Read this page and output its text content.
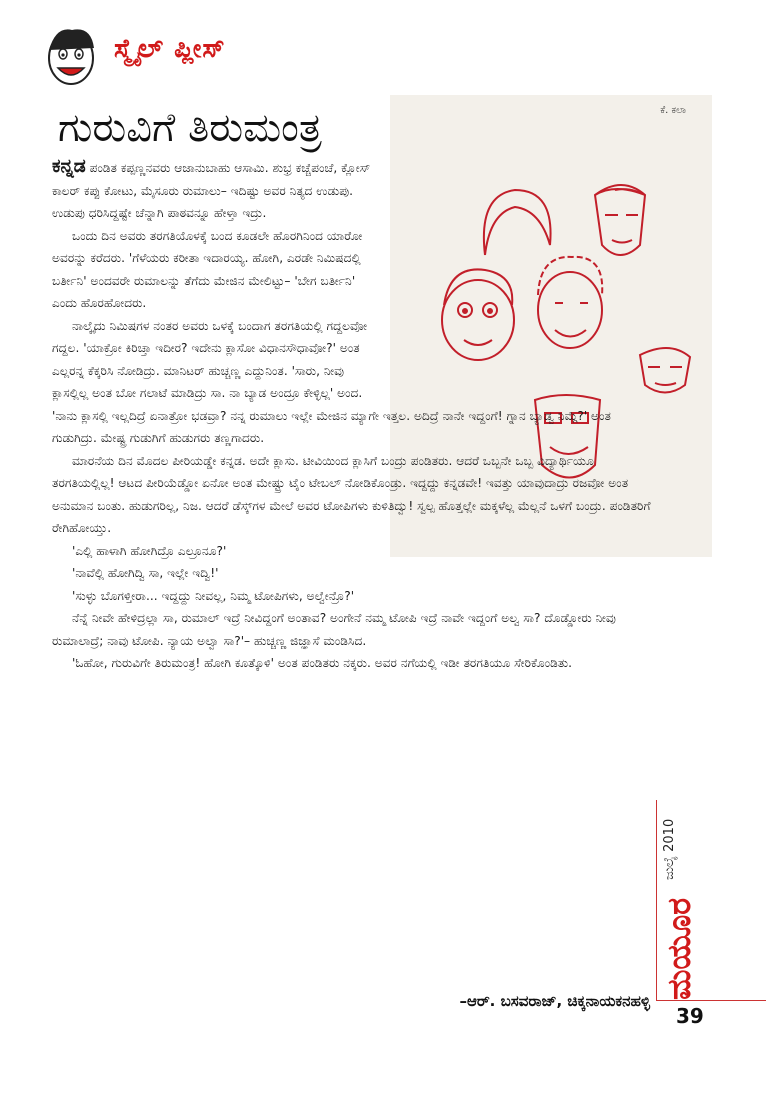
ಸ್ಮೈಲ್ ಪ್ಲೀಸ್
ಗುರುವಿಗೆ ತಿರುಮಂತ್ರ	ಕೆ. ಕಲಾ

ಕನ್ನಡ ಪಂಡಿತ ಕಪ್ಪಣ್ಣನವರು ಆಜಾನುಬಾಹು ಆಸಾಮಿ. ಶುಭ್ರ ಕಚ್ಚೆಪಂಚೆ, ಕ್ಲೋಸ್ ಕಾಲರ್ ಕಪ್ಪು ಕೋಟು, ಮೈಸೂರು ರುಮಾಲು– ಇದಿಷ್ಟು ಅವರ ನಿತ್ಯದ ಉಡುಪು. ಉಡುಪು ಧರಿಸಿದ್ದಷ್ಟೇ ಚೆನ್ನಾಗಿ ಪಾಠವನ್ನೂ ಹೇಳ್ತಾ ಇದ್ರು.

ಒಂದು ದಿನ ಅವರು ತರಗತಿಯೊಳಕ್ಕೆ ಬಂದ ಕೂಡಲೇ ಹೊರಗಿನಿಂದ ಯಾರೋ ಅವರನ್ನು ಕರೆದರು. 'ಗೆಳೆಯರು ಕರೀತಾ ಇದಾರಯ್ಯ. ಹೋಗಿ, ಎರಡೇ ನಿಮಿಷದಲ್ಲಿ ಬರ್ತೀನಿ' ಅಂದವರೇ ರುಮಾಲನ್ನು ತೆಗೆದು ಮೇಜಿನ ಮೇಲಿಟ್ಟು– 'ಬೇಗ ಬರ್ತೀನಿ' ಎಂದು ಹೊರಹೋದರು.

ನಾಲ್ಕೈದು ನಿಮಿಷಗಳ ನಂತರ ಅವರು ಒಳಕ್ಕೆ ಬಂದಾಗ ತರಗತಿಯಲ್ಲಿ ಗದ್ದಲವೋ ಗದ್ದಲ. 'ಯಾಕ್ರೋ ಕಿರಿಚ್ತಾ ಇದೀರ? ಇದೇನು ಕ್ಲಾಸೋ ವಿಧಾನಸೌಧಾವೋ?' ಅಂತ ಎಲ್ಲರನ್ನ ಕೆಕ್ಕರಿಸಿ ನೋಡಿದ್ರು. ಮಾನಿಟರ್ ಹುಚ್ಚಣ್ಣ ಎದ್ದುನಿಂತ. 'ಸಾರು, ನೀವು ಕ್ಲಾಸಲ್ಲಿಲ್ಲ ಅಂತ ಬೋ ಗಲಾಟೆ ಮಾಡಿದ್ರು ಸಾ. ನಾ ಬ್ಯಾಡ ಅಂದ್ರೂ ಕೇಳ್ಳಿಲ್ಲ' ಅಂದ.

'ನಾನು ಕ್ಲಾಸಲ್ಲಿ ಇಲ್ಲದಿದ್ರೆ ಏನಾತ್ರೋ ಭಡವ್ರಾ? ನನ್ನ ರುಮಾಲು ಇಲ್ಲೇ ಮೇಜಿನ ಮ್ಯಾಗೇ ಇತ್ತಲ. ಅದಿದ್ರೆ ನಾನೇ ಇದ್ದಂಗೆ! ಗ್ನಾನ ಬ್ಯಾಡ್ವ ನಿಮ್ಗೆ?' ಅಂತ ಗುಡುಗಿದ್ರು. ಮೇಷ್ಟ್ರ ಗುಡುಗಿಗೆ ಹುಡುಗರು ತಣ್ಣಗಾದರು.

ಮಾರನೆಯ ದಿನ ಮೊದಲ ಪೀರಿಯಡ್ಡೇ ಕನ್ನಡ. ಅದೇ ಕ್ಲಾಸು. ಟೀವಿಯಿಂದ ಕ್ಲಾಸಿಗೆ ಬಂದ್ರು ಪಂಡಿತರು. ಆದರೆ ಒಬ್ಬನೇ ಒಬ್ಬ ವಿದ್ಯಾರ್ಥಿಯೂ ತರಗತಿಯಲ್ಲಿಲ್ಲ! ಆಟದ ಪೀರಿಯೆಡ್ಡೋ ಏನೋ ಅಂತ ಮೇಷ್ಟ್ರು ಟೈಂ ಟೇಬಲ್ ನೋಡಿಕೊಂಡ್ರು. ಇದ್ದದ್ದು ಕನ್ನಡವೇ! ಇವತ್ತು ಯಾವುದಾದ್ರು ರಜವೋ ಅಂತ ಅನುಮಾನ ಬಂತು. ಹುಡುಗರಿಲ್ಲ, ನಿಜ. ಆದರೆ ಡೆಸ್ಕ್‌ಗಳ ಮೇಲೆ ಅವರ ಟೋಪಿಗಳು ಕುಳಿತಿದ್ವು! ಸ್ವಲ್ಪ ಹೊತ್ತಲ್ಲೇ ಮಕ್ಕಳೆಲ್ಲ ಮೆಲ್ಲನೆ ಒಳಗೆ ಬಂದ್ರು. ಪಂಡಿತರಿಗೆ ರೇಗಿಹೋಯ್ತು.

'ಎಲ್ಲಿ ಹಾಳಾಗಿ ಹೋಗಿದ್ರೊ ಎಲ್ರೂನೂ?'

'ನಾವೆಲ್ಲಿ ಹೋಗಿದ್ವಿ ಸಾ, ಇಲ್ಲೇ ಇದ್ವಿ!'

'ಸುಳ್ಳು ಬೊಗಳ್ತೀರಾ... ಇದ್ದದ್ದು ನೀವಲ್ಲ, ನಿಮ್ಮ ಟೋಪಿಗಳು, ಅಲ್ವೇನ್ರೊ?'

ನೆನ್ನೆ ನೀವೇ ಹೇಳಿದ್ರಲ್ಲಾ ಸಾ, ರುಮಾಲ್ ಇದ್ರೆ ನೀವಿದ್ದಂಗೆ ಅಂತಾವ? ಅಂಗೇನೆ ನಮ್ಮ ಟೋಪಿ ಇದ್ರೆ ನಾವೇ ಇದ್ದಂಗೆ ಅಲ್ವ ಸಾ? ದೊಡ್ಡೋರು ನೀವು ರುಮಾಲಾದ್ರೆ; ನಾವು ಟೋಪಿ. ನ್ಯಾಯ ಅಲ್ವಾ ಸಾ?'– ಹುಚ್ಚಣ್ಣ ಜಿಜ್ಞಾಸೆ ಮಂಡಿಸಿದ.

'ಓಹೋ, ಗುರುವಿಗೇ ತಿರುಮಂತ್ರ! ಹೋಗಿ ಕೂತ್ಕೊಳಿ' ಅಂತ ಪಂಡಿತರು ನಕ್ಕರು. ಅವರ ನಗೆಯಲ್ಲಿ ಇಡೀ ತರಗತಿಯೂ ಸೇರಿಕೊಂಡಿತು.

–ಆರ್. ಬಸವರಾಜ್, ಚಿಕ್ಕನಾಯಕನಹಳ್ಳಿ
ಜುಲೈ 2010
ಮಯೂರ
39
